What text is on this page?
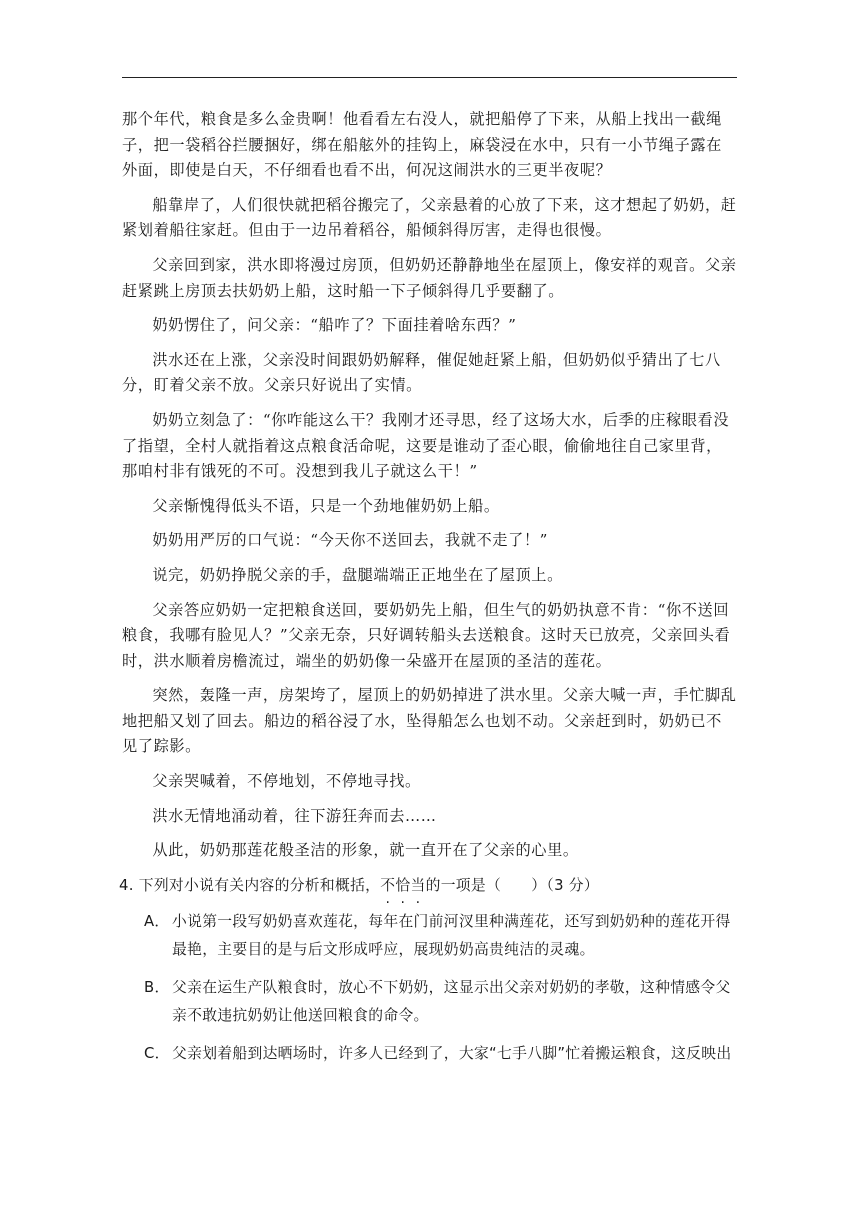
那个年代，粮食是多么金贵啊！他看看左右没人，就把船停了下来，从船上找出一截绳子，把一袋稻谷拦腰捆好，绑在船舷外的挂钩上，麻袋浸在水中，只有一小节绳子露在外面，即使是白天，不仔细看也看不出，何况这闹洪水的三更半夜呢？

船靠岸了，人们很快就把稻谷搬完了，父亲悬着的心放了下来，这才想起了奶奶，赶紧划着船往家赶。但由于一边吊着稻谷，船倾斜得厉害，走得也很慢。

父亲回到家，洪水即将漫过房顶，但奶奶还静静地坐在屋顶上，像安祥的观音。父亲赶紧跳上房顶去扶奶奶上船，这时船一下子倾斜得几乎要翻了。

奶奶愣住了，问父亲：“船咋了？下面挂着啥东西？”

洪水还在上涨，父亲没时间跟奶奶解释，催促她赶紧上船，但奶奶似乎猜出了七八分，盯着父亲不放。父亲只好说出了实情。

奶奶立刻急了：“你咋能这么干？我刚才还寻思，经了这场大水，后季的庄稼眼看没了指望，全村人就指着这点粮食活命呢，这要是谁动了歪心眼，偷偷地往自己家里背，那咱村非有饿死的不可。没想到我儿子就这么干！”

父亲惭愧得低头不语，只是一个劲地催奶奶上船。

奶奶用严厉的口气说：“今天你不送回去，我就不走了！”

说完，奶奶挣脱父亲的手，盘腿端端正正地坐在了屋顶上。

父亲答应奶奶一定把粮食送回，要奶奶先上船，但生气的奶奶执意不肯：“你不送回粮食，我哪有脸见人？”父亲无奈，只好调转船头去送粮食。这时天已放亮，父亲回头看时，洪水顺着房檐流过，端坐的奶奶像一朵盛开在屋顶的圣洁的莲花。

突然，轰隆一声，房架垮了，屋顶上的奶奶掉进了洪水里。父亲大喊一声，手忙脚乱地把船又划了回去。船边的稻谷浸了水，坠得船怎么也划不动。父亲赶到时，奶奶已不见了踪影。

父亲哭喊着，不停地划，不停地寻找。

洪水无情地涌动着，往下游狂奔而去……

从此，奶奶那莲花般圣洁的形象，就一直开在了父亲的心里。

4. 下列对小说有关内容的分析和概括，不恰当的一项是（　　）（3 分）

A． 小说第一段写奶奶喜欢莲花，每年在门前河汊里种满莲花，还写到奶奶种的莲花开得最艳，主要目的是与后文形成呼应，展现奶奶高贵纯洁的灵魂。

B． 父亲在运生产队粮食时，放心不下奶奶，这显示出父亲对奶奶的孝敬，这种情感令父亲不敢违抗奶奶让他送回粮食的命令。

C． 父亲划着船到达晒场时，许多人已经到了，大家“七手八脚”忙着搬运粮食，这反映出
